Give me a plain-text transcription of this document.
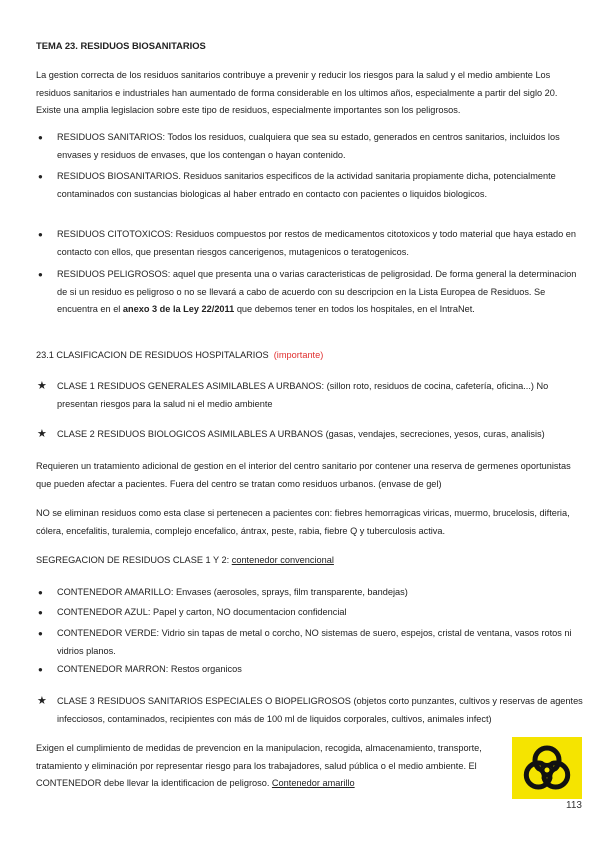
TEMA 23. RESIDUOS BIOSANITARIOS

La gestion correcta de los residuos sanitarios contribuye a prevenir y reducir los riesgos para la salud y el medio ambiente Los residuos sanitarios e industriales han aumentado de forma considerable en los ultimos años, especialmente a partir del siglo 20. Existe una amplia legislacion sobre este tipo de residuos, especialmente importantes son los peligrosos.

●	RESIDUOS SANITARIOS: Todos los residuos, cualquiera que sea su estado, generados en centros sanitarios, incluidos los envases y residuos de envases, que los contengan o hayan contenido.
●	RESIDUOS BIOSANITARIOS. Residuos sanitarios especificos de la actividad sanitaria propiamente dicha, potencialmente contaminados con sustancias biologicas al haber entrado en contacto con pacientes o liquidos biologicos.
●	RESIDUOS CITOTOXICOS: Residuos compuestos por restos de medicamentos citotoxicos y todo material que haya estado en contacto con ellos, que presentan riesgos cancerigenos, mutagenicos o teratogenicos.
●	RESIDUOS PELIGROSOS: aquel que presenta una o varias caracteristicas de peligrosidad. De forma general la determinacion de si un residuo es peligroso o no se llevará a cabo de acuerdo con su descripcion en la Lista Europea de Residuos. Se encuentra en el anexo 3 de la Ley 22/2011 que debemos tener en todos los hospitales, en el IntraNet.
23.1 CLASIFICACION DE RESIDUOS HOSPITALARIOS (importante)
★ CLASE 1 RESIDUOS GENERALES ASIMILABLES A URBANOS: (sillon roto, residuos de cocina, cafetería, oficina...) No presentan riesgos para la salud ni el medio ambiente
★ CLASE 2 RESIDUOS BIOLOGICOS ASIMILABLES A URBANOS (gasas, vendajes, secreciones, yesos, curas, analisis)

Requieren un tratamiento adicional de gestion en el interior del centro sanitario por contener una reserva de germenes oportunistas que pueden afectar a pacientes. Fuera del centro se tratan como residuos urbanos. (envase de gel)

NO se eliminan residuos como esta clase si pertenecen a pacientes con: fiebres hemorragicas viricas, muermo, brucelosis, difteria, cólera, encefalitis, turalemia, complejo encefalico, ántrax, peste, rabia, fiebre Q y tuberculosis activa.

SEGREGACION DE RESIDUOS CLASE 1 Y 2: contenedor convencional
●	CONTENEDOR AMARILLO: Envases (aerosoles, sprays, film transparente, bandejas)
●	CONTENEDOR AZUL: Papel y carton, NO documentacion confidencial
●	CONTENEDOR VERDE: Vidrio sin tapas de metal o corcho, NO sistemas de suero, espejos, cristal de ventana, vasos rotos ni vidrios planos.
●	CONTENEDOR MARRON: Restos organicos
★ CLASE 3 RESIDUOS SANITARIOS ESPECIALES O BIOPELIGROSOS (objetos corto punzantes, cultivos y reservas de agentes infecciosos, contaminados, recipientes con más de 100 ml de liquidos corporales, cultivos, animales infect)

Exigen el cumplimiento de medidas de prevencion en la manipulacion, recogida, almacenamiento, transporte, tratamiento y eliminación por representar riesgo para los trabajadores, salud pública o el medio ambiente. El CONTENEDOR debe llevar la identificacion de peligroso. Contenedor amarillo

113
